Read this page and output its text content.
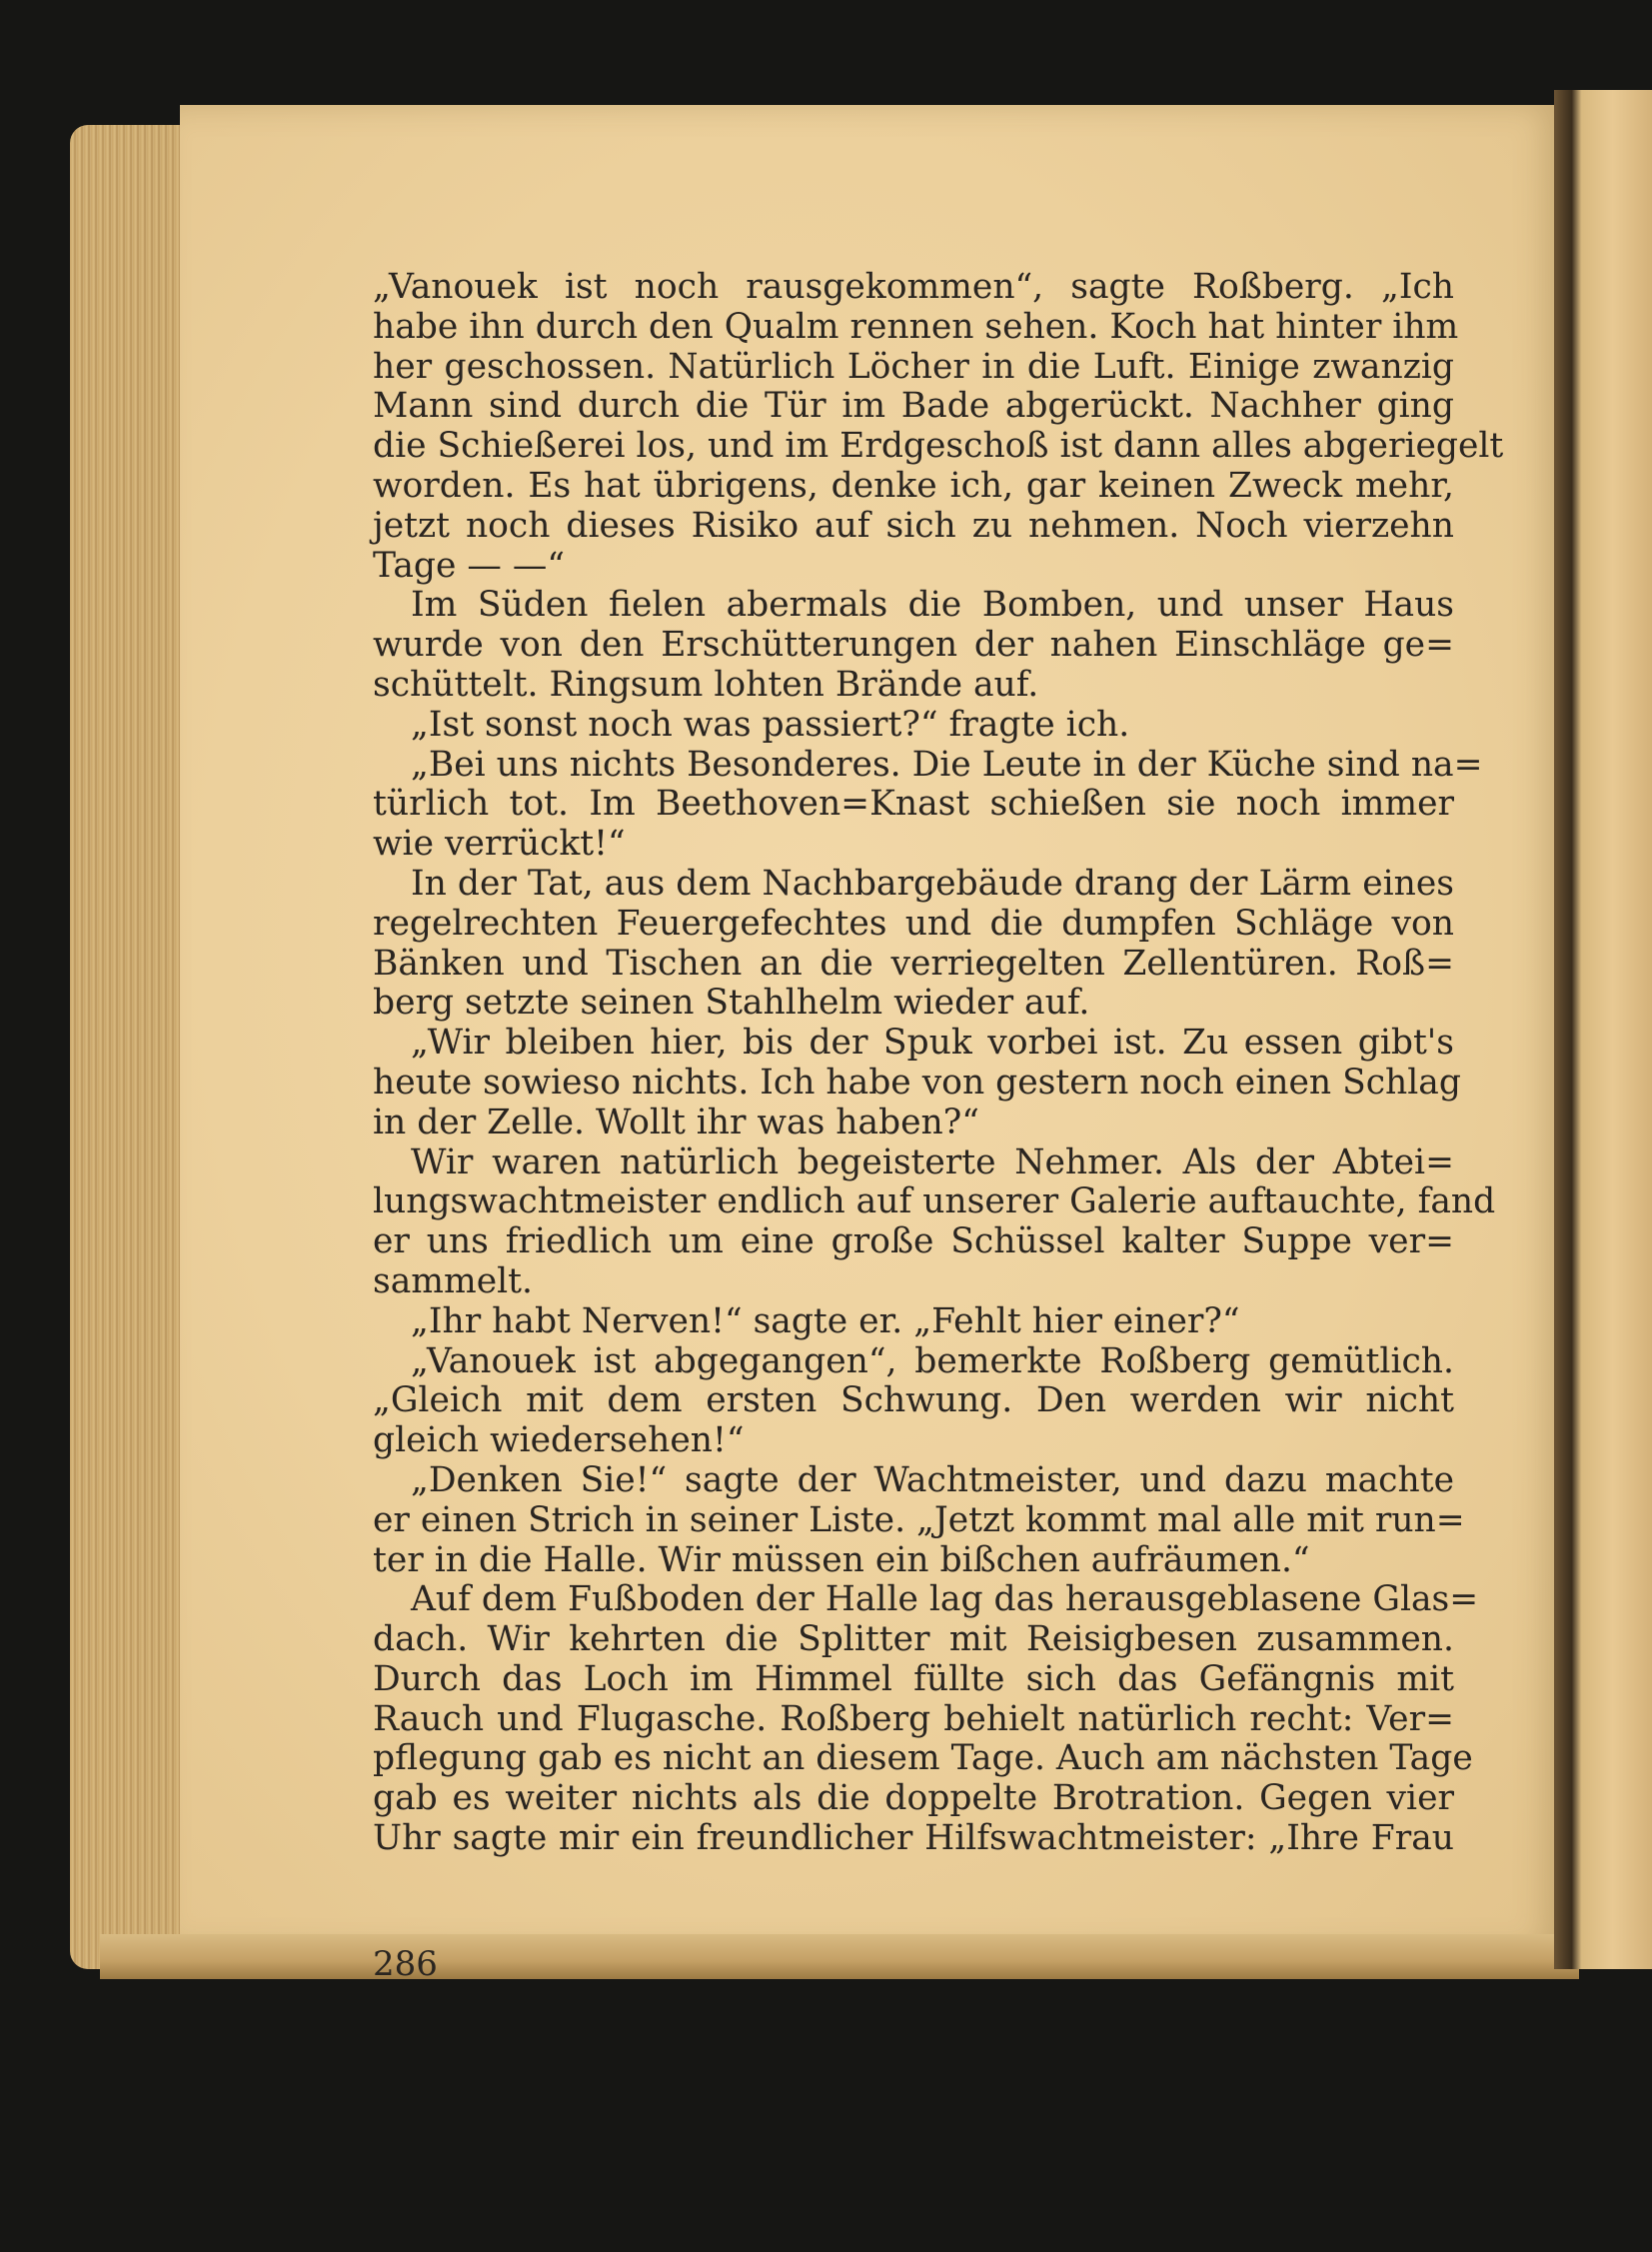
„Vanouek ist noch rausgekommen“, sagte Roßberg. „Ich
habe ihn durch den Qualm rennen sehen. Koch hat hinter ihm
her geschossen. Natürlich Löcher in die Luft. Einige zwanzig
Mann sind durch die Tür im Bade abgerückt. Nachher ging
die Schießerei los, und im Erdgeschoß ist dann alles abgeriegelt
worden. Es hat übrigens, denke ich, gar keinen Zweck mehr,
jetzt noch dieses Risiko auf sich zu nehmen. Noch vierzehn
Tage — —“
Im Süden fielen abermals die Bomben, und unser Haus
wurde von den Erschütterungen der nahen Einschläge ge=
schüttelt. Ringsum lohten Brände auf.
„Ist sonst noch was passiert?“ fragte ich.
„Bei uns nichts Besonderes. Die Leute in der Küche sind na=
türlich tot. Im Beethoven=Knast schießen sie noch immer
wie verrückt!“
In der Tat, aus dem Nachbargebäude drang der Lärm eines
regelrechten Feuergefechtes und die dumpfen Schläge von
Bänken und Tischen an die verriegelten Zellentüren. Roß=
berg setzte seinen Stahlhelm wieder auf.
„Wir bleiben hier, bis der Spuk vorbei ist. Zu essen gibt's
heute sowieso nichts. Ich habe von gestern noch einen Schlag
in der Zelle. Wollt ihr was haben?“
Wir waren natürlich begeisterte Nehmer. Als der Abtei=
lungswachtmeister endlich auf unserer Galerie auftauchte, fand
er uns friedlich um eine große Schüssel kalter Suppe ver=
sammelt.
„Ihr habt Nerven!“ sagte er. „Fehlt hier einer?“
„Vanouek ist abgegangen“, bemerkte Roßberg gemütlich.
„Gleich mit dem ersten Schwung. Den werden wir nicht
gleich wiedersehen!“
„Denken Sie!“ sagte der Wachtmeister, und dazu machte
er einen Strich in seiner Liste. „Jetzt kommt mal alle mit run=
ter in die Halle. Wir müssen ein bißchen aufräumen.“
Auf dem Fußboden der Halle lag das herausgeblasene Glas=
dach. Wir kehrten die Splitter mit Reisigbesen zusammen.
Durch das Loch im Himmel füllte sich das Gefängnis mit
Rauch und Flugasche. Roßberg behielt natürlich recht: Ver=
pflegung gab es nicht an diesem Tage. Auch am nächsten Tage
gab es weiter nichts als die doppelte Brotration. Gegen vier
Uhr sagte mir ein freundlicher Hilfswachtmeister: „Ihre Frau
286
